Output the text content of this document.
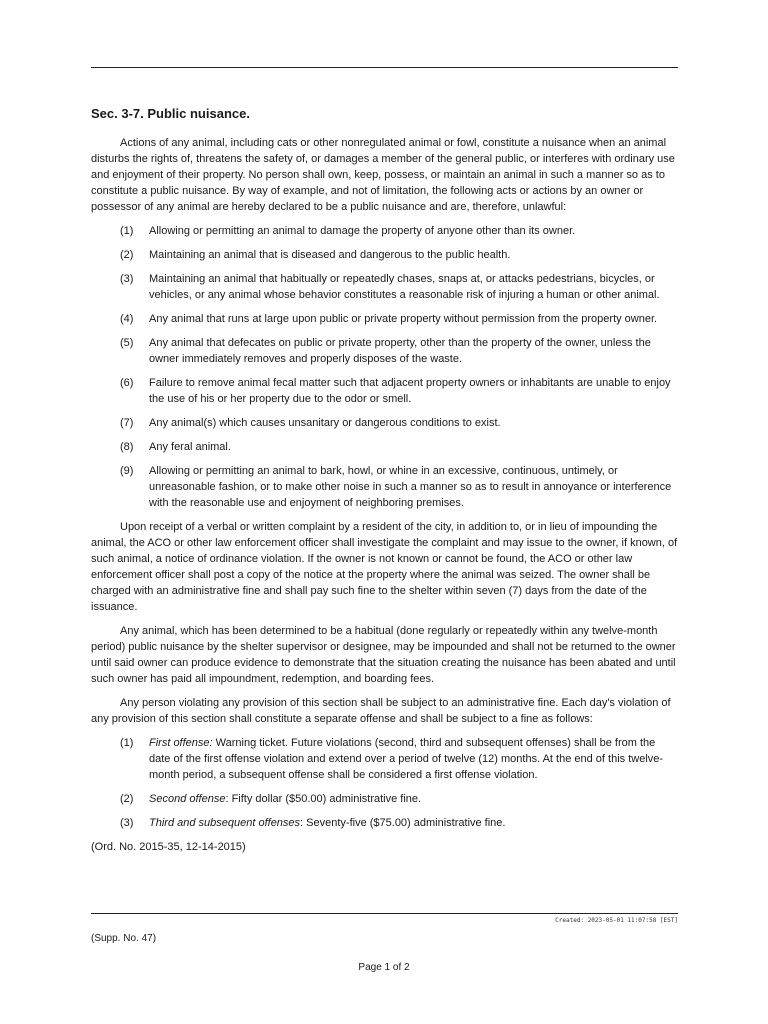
Sec. 3-7. Public nuisance.

Actions of any animal, including cats or other nonregulated animal or fowl, constitute a nuisance when an animal disturbs the rights of, threatens the safety of, or damages a member of the general public, or interferes with ordinary use and enjoyment of their property. No person shall own, keep, possess, or maintain an animal in such a manner so as to constitute a public nuisance. By way of example, and not of limitation, the following acts or actions by an owner or possessor of any animal are hereby declared to be a public nuisance and are, therefore, unlawful:

(1) Allowing or permitting an animal to damage the property of anyone other than its owner.
(2) Maintaining an animal that is diseased and dangerous to the public health.
(3) Maintaining an animal that habitually or repeatedly chases, snaps at, or attacks pedestrians, bicycles, or vehicles, or any animal whose behavior constitutes a reasonable risk of injuring a human or other animal.
(4) Any animal that runs at large upon public or private property without permission from the property owner.
(5) Any animal that defecates on public or private property, other than the property of the owner, unless the owner immediately removes and properly disposes of the waste.
(6) Failure to remove animal fecal matter such that adjacent property owners or inhabitants are unable to enjoy the use of his or her property due to the odor or smell.
(7) Any animal(s) which causes unsanitary or dangerous conditions to exist.
(8) Any feral animal.
(9) Allowing or permitting an animal to bark, howl, or whine in an excessive, continuous, untimely, or unreasonable fashion, or to make other noise in such a manner so as to result in annoyance or interference with the reasonable use and enjoyment of neighboring premises.

Upon receipt of a verbal or written complaint by a resident of the city, in addition to, or in lieu of impounding the animal, the ACO or other law enforcement officer shall investigate the complaint and may issue to the owner, if known, of such animal, a notice of ordinance violation. If the owner is not known or cannot be found, the ACO or other law enforcement officer shall post a copy of the notice at the property where the animal was seized. The owner shall be charged with an administrative fine and shall pay such fine to the shelter within seven (7) days from the date of the issuance.

Any animal, which has been determined to be a habitual (done regularly or repeatedly within any twelve-month period) public nuisance by the shelter supervisor or designee, may be impounded and shall not be returned to the owner until said owner can produce evidence to demonstrate that the situation creating the nuisance has been abated and until such owner has paid all impoundment, redemption, and boarding fees.

Any person violating any provision of this section shall be subject to an administrative fine. Each day's violation of any provision of this section shall constitute a separate offense and shall be subject to a fine as follows:

(1) First offense: Warning ticket. Future violations (second, third and subsequent offenses) shall be from the date of the first offense violation and extend over a period of twelve (12) months. At the end of this twelve-month period, a subsequent offense shall be considered a first offense violation.
(2) Second offense: Fifty dollar ($50.00) administrative fine.
(3) Third and subsequent offenses: Seventy-five ($75.00) administrative fine.

(Ord. No. 2015-35, 12-14-2015)

Created: 2023-05-01 11:07:58 [EST]
(Supp. No. 47)
Page 1 of 2
